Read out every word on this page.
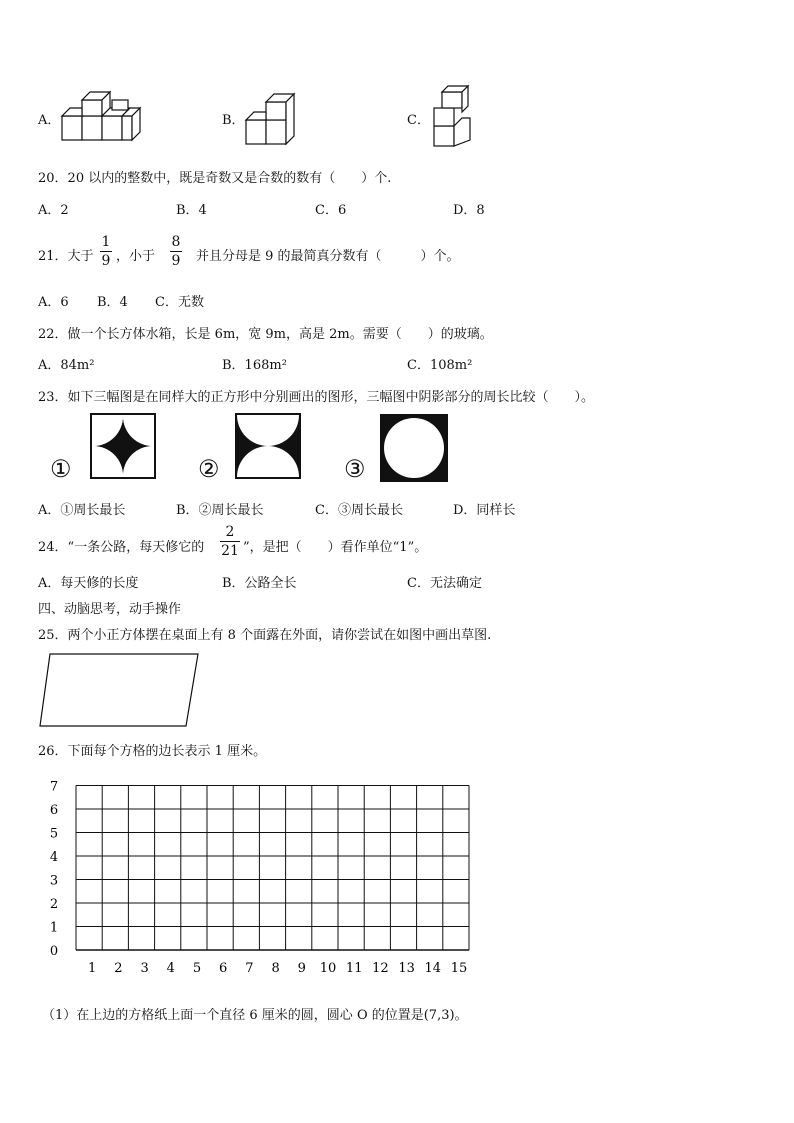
A．	B．	C．
20．20 以内的整数中，既是奇数又是合数的数有（　　）个.
A．2	B．4	C．6	D．8
21．大于
1
9 ，小于
8
9 并且分母是 9 的最简真分数有（　　　）个。
A．6 B．4 C．无数
22．做一个长方体水箱，长是 6m，宽 9m，高是 2m。需要（　　）的玻璃。
A．84m²	B．168m²	C．108m²
23．如下三幅图是在同样大的正方形中分别画出的图形，三幅图中阴影部分的周长比较（　　）。
①	②	③
A．①周长最长	B．②周长最长	C．③周长最长	D．同样长
24．“一条公路，每天修它的
2
21 ”，是把（　　）看作单位“1”。
A．每天修的长度	B．公路全长	C．无法确定
四、动脑思考，动手操作
25．两个小正方体摆在桌面上有 8 个面露在外面，请你尝试在如图中画出草图.
26．下面每个方格的边长表示 1 厘米。
1 2 3 4 5 6 7 8 9 10 11 12 13 14 15
0
1
2
3
4
5
6
7
（1）在上边的方格纸上面一个直径 6 厘米的圆，圆心 O 的位置是(7,3)。
